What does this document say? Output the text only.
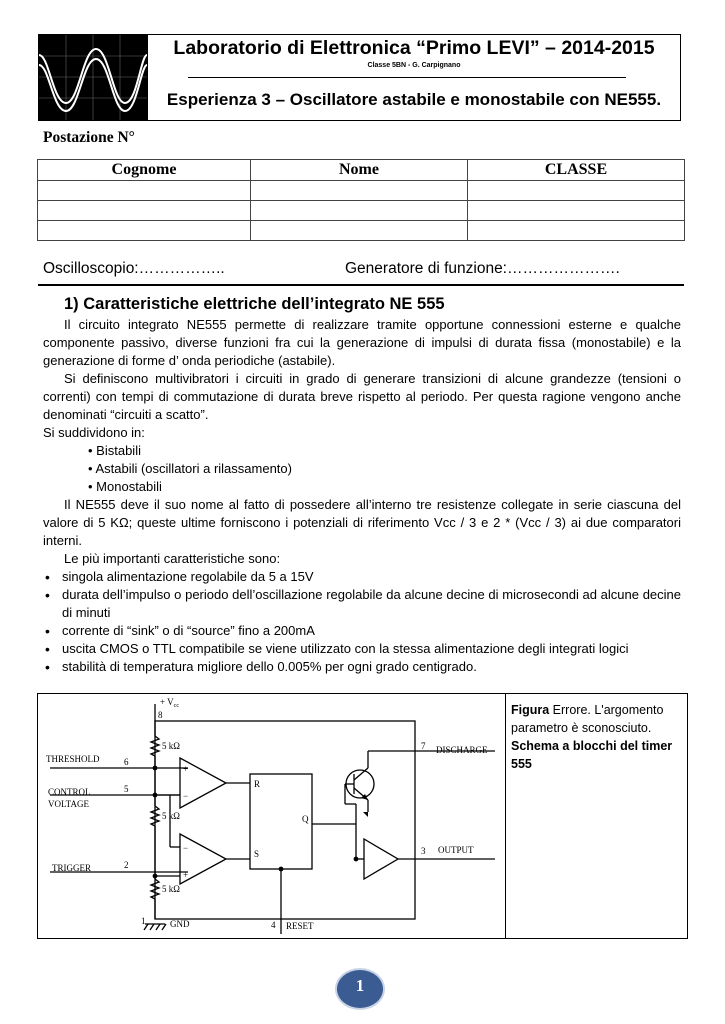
Laboratorio di Elettronica “Primo LEVI” – 2014-2015
Classe 5BN - G. Carpignano
Esperienza 3 – Oscillatore astabile e monostabile con NE555.
Postazione N°
Cognome	Nome	CLASSE

Oscilloscopio:……………..	Generatore di funzione:………………….
1) Caratteristiche elettriche dell’integrato NE 555

Il circuito integrato NE555 permette di realizzare tramite opportune connessioni esterne e qualche componente passivo, diverse funzioni fra cui la generazione di impulsi di durata fissa (monostabile) e la generazione di forme d’ onda periodiche (astabile).

Si definiscono multivibratori i circuiti in grado di generare transizioni di alcune grandezze (tensioni o correnti) con tempi di commutazione di durata breve rispetto al periodo. Per questa ragione vengono anche denominati “circuiti a scatto”.

Si suddividono in:

• Bistabili
• Astabili (oscillatori a rilassamento)
• Monostabili

Il NE555 deve il suo nome al fatto di possedere all’interno tre resistenze collegate in serie ciascuna del valore di 5 KΩ; queste ultime forniscono i potenziali di riferimento Vcc / 3 e 2 * (Vcc / 3) ai due comparatori interni.

Le più importanti caratteristiche sono:

• singola alimentazione regolabile da 5 a 15V
• durata dell’impulso o periodo dell’oscillazione regolabile da alcune decine di microsecondi ad alcune decine di minuti
• corrente di “sink” o di “source” fino a 200mA
• uscita CMOS o TTL compatibile se viene utilizzato con la stessa alimentazione degli integrati logici
• stabilità di temperatura migliore dello 0.005% per ogni grado centigrado.
Figura Errore. L'argomento parametro è sconosciuto. Schema a blocchi del timer 555
+ $V_{cc}$
8
5 kΩ
5 kΩ
5 kΩ
THRESHOLD	6
CONTROL
VOLTAGE
5
TRIGGER	2
1	GND
+
−
−
+
R
S
Q
7 DISCHARGE
3 OUTPUT
4 RESET
1
